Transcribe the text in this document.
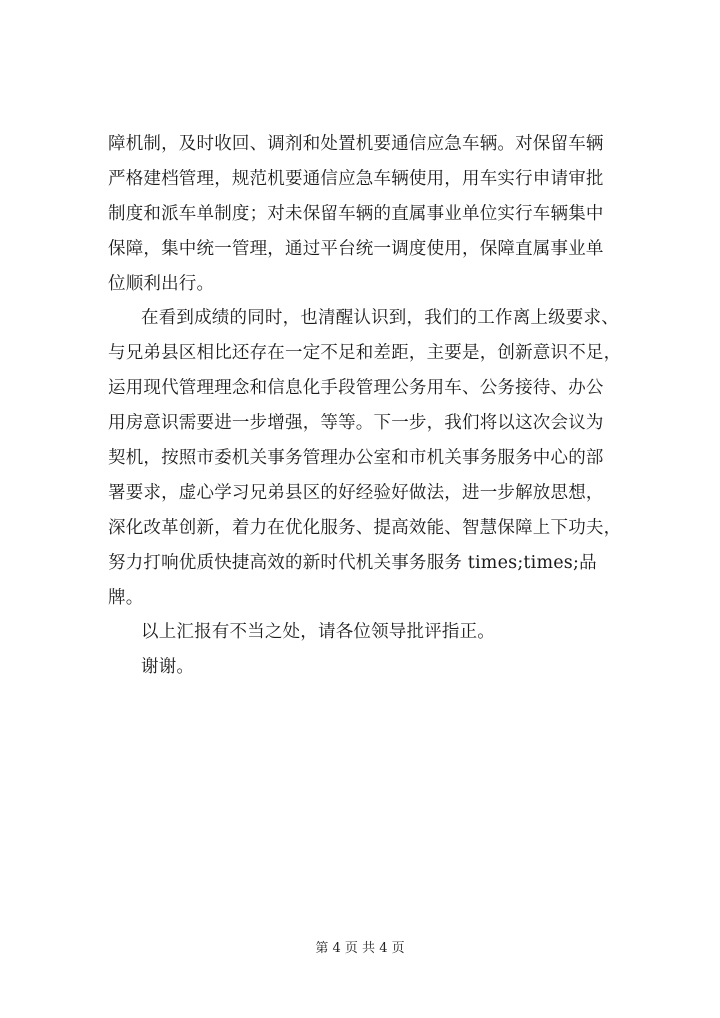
障机制，及时收回、调剂和处置机要通信应急车辆。对保留车辆
严格建档管理，规范机要通信应急车辆使用，用车实行申请审批
制度和派车单制度；对未保留车辆的直属事业单位实行车辆集中
保障，集中统一管理，通过平台统一调度使用，保障直属事业单
位顺利出行。
在看到成绩的同时，也清醒认识到，我们的工作离上级要求、
与兄弟县区相比还存在一定不足和差距，主要是，创新意识不足，
运用现代管理理念和信息化手段管理公务用车、公务接待、办公
用房意识需要进一步增强，等等。下一步，我们将以这次会议为
契机，按照市委机关事务管理办公室和市机关事务服务中心的部
署要求，虚心学习兄弟县区的好经验好做法，进一步解放思想，
深化改革创新，着力在优化服务、提高效能、智慧保障上下功夫，
努力打响优质快捷高效的新时代机关事务服务 times;times;品
牌。
以上汇报有不当之处，请各位领导批评指正。
谢谢。
第 4 页 共 4 页
